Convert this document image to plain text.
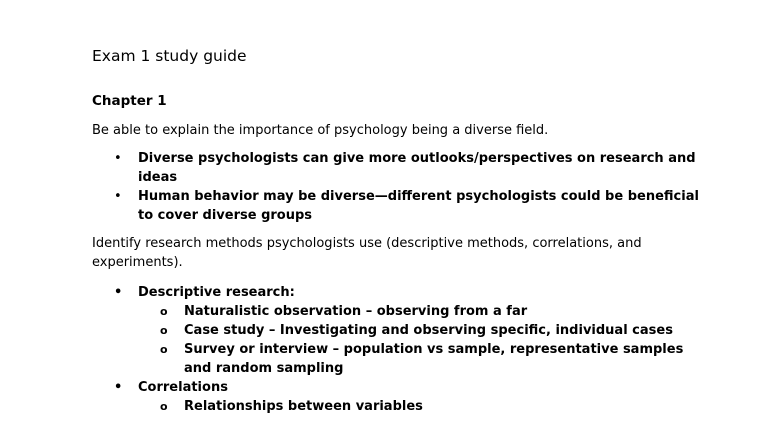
Exam 1 study guide
Chapter 1

Be able to explain the importance of psychology being a diverse field.

• Diverse psychologists can give more outlooks/perspectives on research and ideas
• Human behavior may be diverse—different psychologists could be beneficial to cover diverse groups

Identify research methods psychologists use (descriptive methods, correlations, and experiments).

• Descriptive research:
o Naturalistic observation – observing from a far
o Case study – Investigating and observing specific, individual cases
o Survey or interview – population vs sample, representative samples and random sampling
• Correlations
o Relationships between variables
